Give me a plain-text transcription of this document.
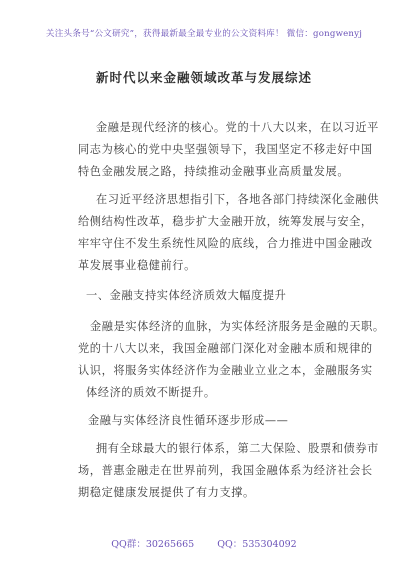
关注头条号“公文研究”，获得最新最全最专业的公文资料库！ 微信：gongwenyj
新时代以来金融领域改革与发展综述
金融是现代经济的核心。党的十八大以来，在以习近平
同志为核心的党中央坚强领导下，我国坚定不移走好中国
特色金融发展之路，持续推动金融事业高质量发展。
在习近平经济思想指引下，各地各部门持续深化金融供
给侧结构性改革，稳步扩大金融开放，统筹发展与安全，
牢牢守住不发生系统性风险的底线，合力推进中国金融改
革发展事业稳健前行。
一、金融支持实体经济质效大幅度提升
金融是实体经济的血脉，为实体经济服务是金融的天职。
党的十八大以来，我国金融部门深化对金融本质和规律的
认识，将服务实体经济作为金融业立业之本，金融服务实
体经济的质效不断提升。
金融与实体经济良性循环逐步形成——
拥有全球最大的银行体系，第二大保险、股票和债券市
场，普惠金融走在世界前列，我国金融体系为经济社会长
期稳定健康发展提供了有力支撑。
QQ群：30265665 QQ：535304092
